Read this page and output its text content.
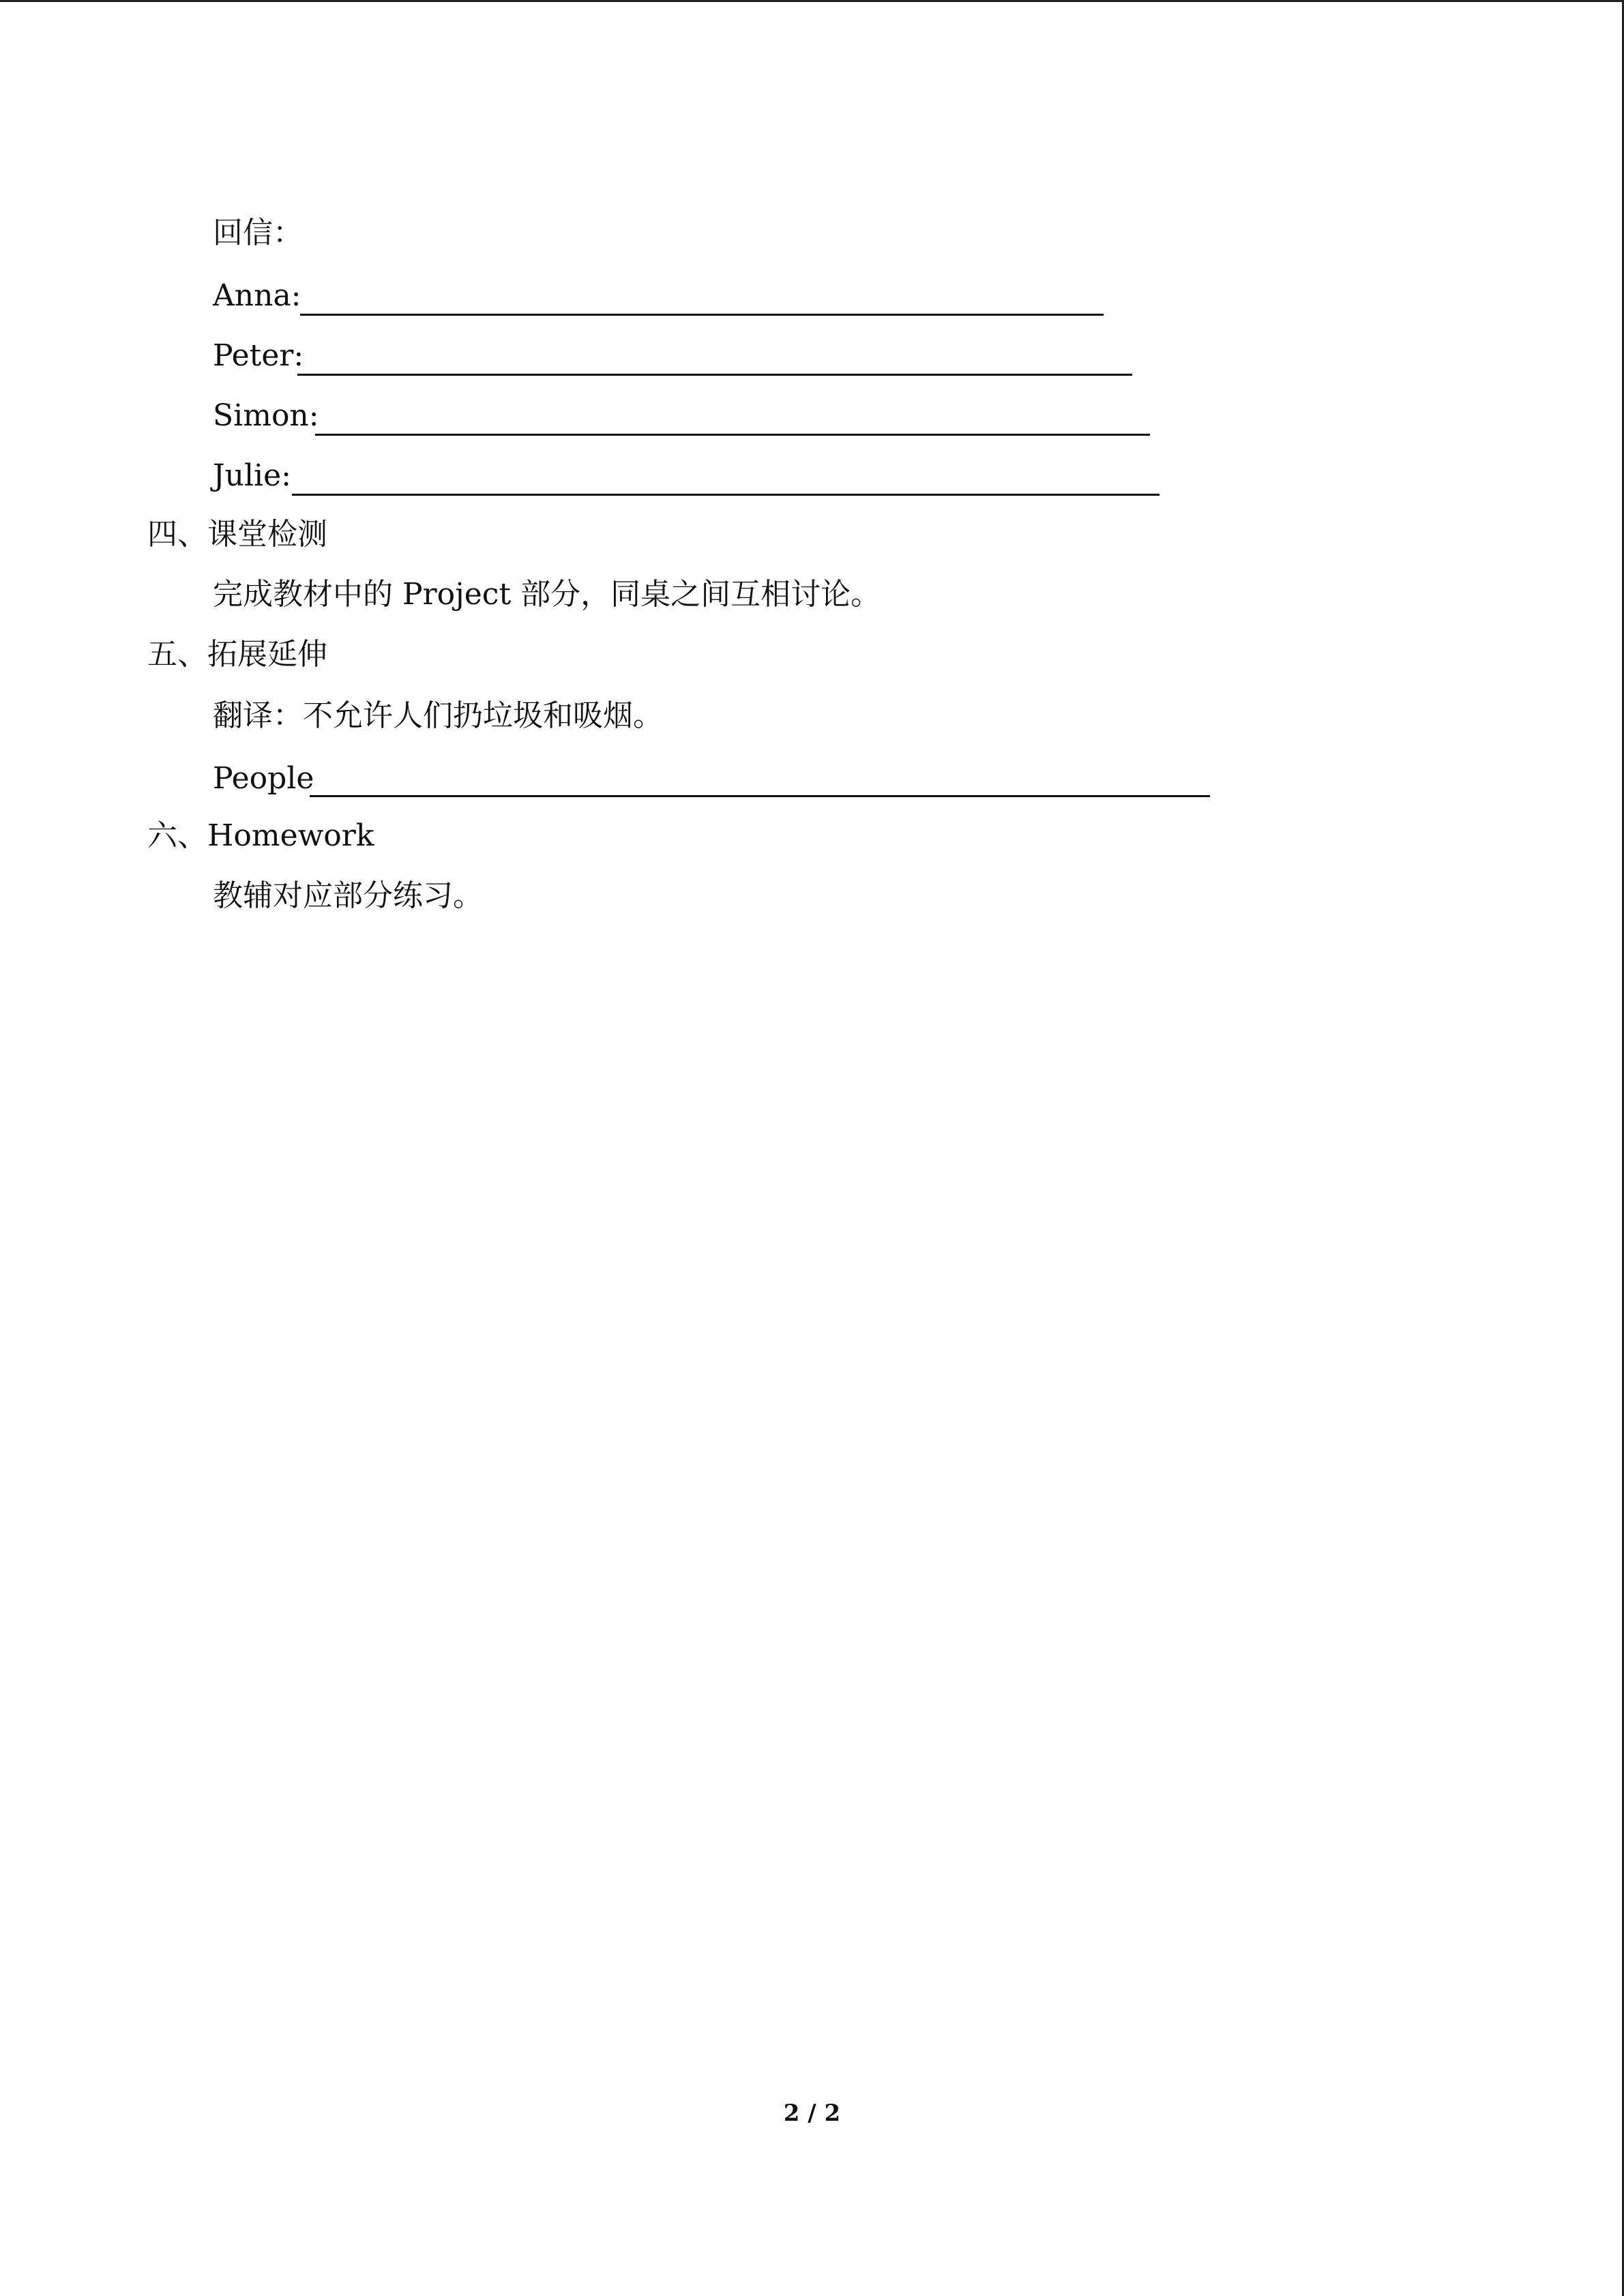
回信：
Anna:
Peter:
Simon:
Julie:
四、课堂检测
完成教材中的 Project 部分，同桌之间互相讨论。
五、拓展延伸
翻译：不允许人们扔垃圾和吸烟。
People
六、Homework
教辅对应部分练习。
2 / 2
